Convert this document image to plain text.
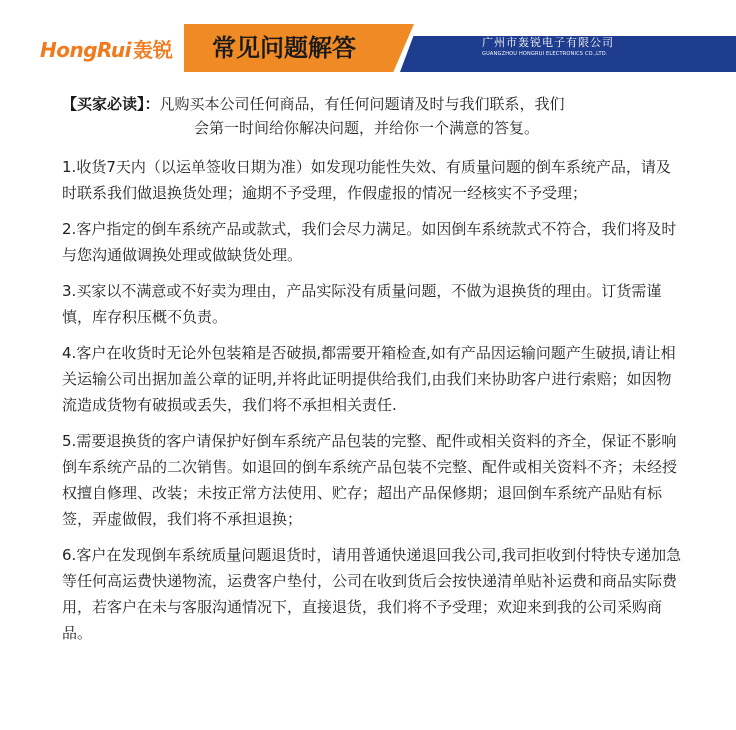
HongRui 轰锐 常见问题解答	广州市轰锐电子有限公司
GUANGZHOU HONGRUI ELECTRONICS CO.,LTD.
【买家必读】：凡购买本公司任何商品，有任何问题请及时与我们联系，我们
会第一时间给你解决问题，并给你一个满意的答复。
1.收货7天内（以运单签收日期为准）如发现功能性失效、有质量问题的倒车系统产品，请及时联系我们做退换货处理；逾期不予受理，作假虚报的情况一经核实不予受理；
2.客户指定的倒车系统产品或款式，我们会尽力满足。如因倒车系统款式不符合，我们将及时与您沟通做调换处理或做缺货处理。
3.买家以不满意或不好卖为理由，产品实际没有质量问题，不做为退换货的理由。订货需谨慎，库存积压概不负责。
4.客户在收货时无论外包装箱是否破损,都需要开箱检查,如有产品因运输问题产生破损,请让相关运输公司出据加盖公章的证明,并将此证明提供给我们,由我们来协助客户进行索赔；如因物流造成货物有破损或丢失，我们将不承担相关责任.
5.需要退换货的客户请保护好倒车系统产品包装的完整、配件或相关资料的齐全，保证不影响倒车系统产品的二次销售。如退回的倒车系统产品包装不完整、配件或相关资料不齐；未经授权擅自修理、改装；未按正常方法使用、贮存；超出产品保修期；退回倒车系统产品贴有标签，弄虚做假，我们将不承担退换；
6.客户在发现倒车系统质量问题退货时，请用普通快递退回我公司,我司拒收到付特快专递加急等任何高运费快递物流，运费客户垫付，公司在收到货后会按快递清单贴补运费和商品实际费用，若客户在未与客服沟通情况下，直接退货，我们将不予受理；欢迎来到我的公司采购商品。
